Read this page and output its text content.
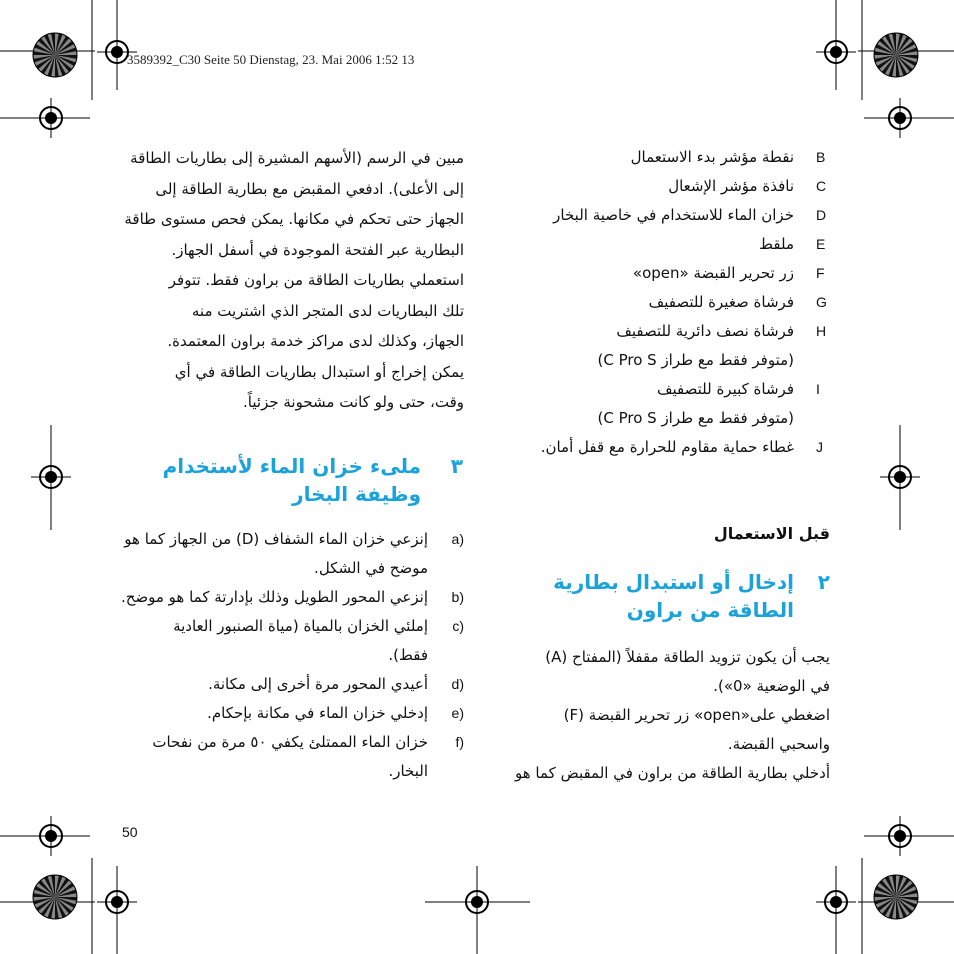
3589392_C30 Seite 50 Dienstag, 23. Mai 2006 1:52 13

مبين في الرسم (الأسهم المشيرة إلى بطاريات الطاقة

إلى الأعلى). ادفعي المقبض مع بطارية الطاقة إلى

الجهاز حتى تحكم في مكانها. يمكن فحص مستوى طاقة

البطارية عبر الفتحة الموجودة في أسفل الجهاز.

استعملي بطاريات الطاقة من براون فقط. تتوفر

تلك البطاريات لدى المتجر الذي اشتريت منه

الجهاز، وكذلك لدى مراكز خدمة براون المعتمدة.

يمكن إخراج أو استبدال بطاريات الطاقة في أي

وقت، حتى ولو كانت مشحونة جزئياً.

٣
ملىء خزان الماء لأستخدام
وظيفة البخار
a)
إنزعي خزان الماء الشفاف (D) من الجهاز كما هو
موضح في الشكل.
b)
إنزعي المحور الطويل وذلك بإدارتة كما هو موضح.
c)
إملئي الخزان بالمياة (مياة الصنبور العادية
فقط).
d)
أعيدي المحور مرة أخرى إلى مكانة.
e)
إدخلي خزان الماء في مكانة بإحكام.
f)
خزان الماء الممتلئ يكفي ٥٠ مرة من نفحات
البخار.
B
نقطة مؤشر بدء الاستعمال
C
نافذة مؤشر الإشعال
D
خزان الماء للاستخدام في خاصية البخار
E
ملقط
F
زر تحرير القبضة «open»
G
فرشاة صغيرة للتصفيف
H
فرشاة نصف دائرية للتصفيف
(متوفر فقط مع طراز C Pro S)
I
فرشاة كبيرة للتصفيف
(متوفر فقط مع طراز C Pro S)
J
غطاء حماية مقاوم للحرارة مع قفل أمان.
قبل الاستعمال
٢
إدخال أو استبدال بطارية
الطاقة من براون

يجب أن يكون تزويد الطاقة مقفلاً (المفتاح (A)

في الوضعية «0»).

اضغطي على«open» زر تحرير القبضة (F)

واسحبي القبضة.

أدخلي بطارية الطاقة من براون في المقبض كما هو

50
